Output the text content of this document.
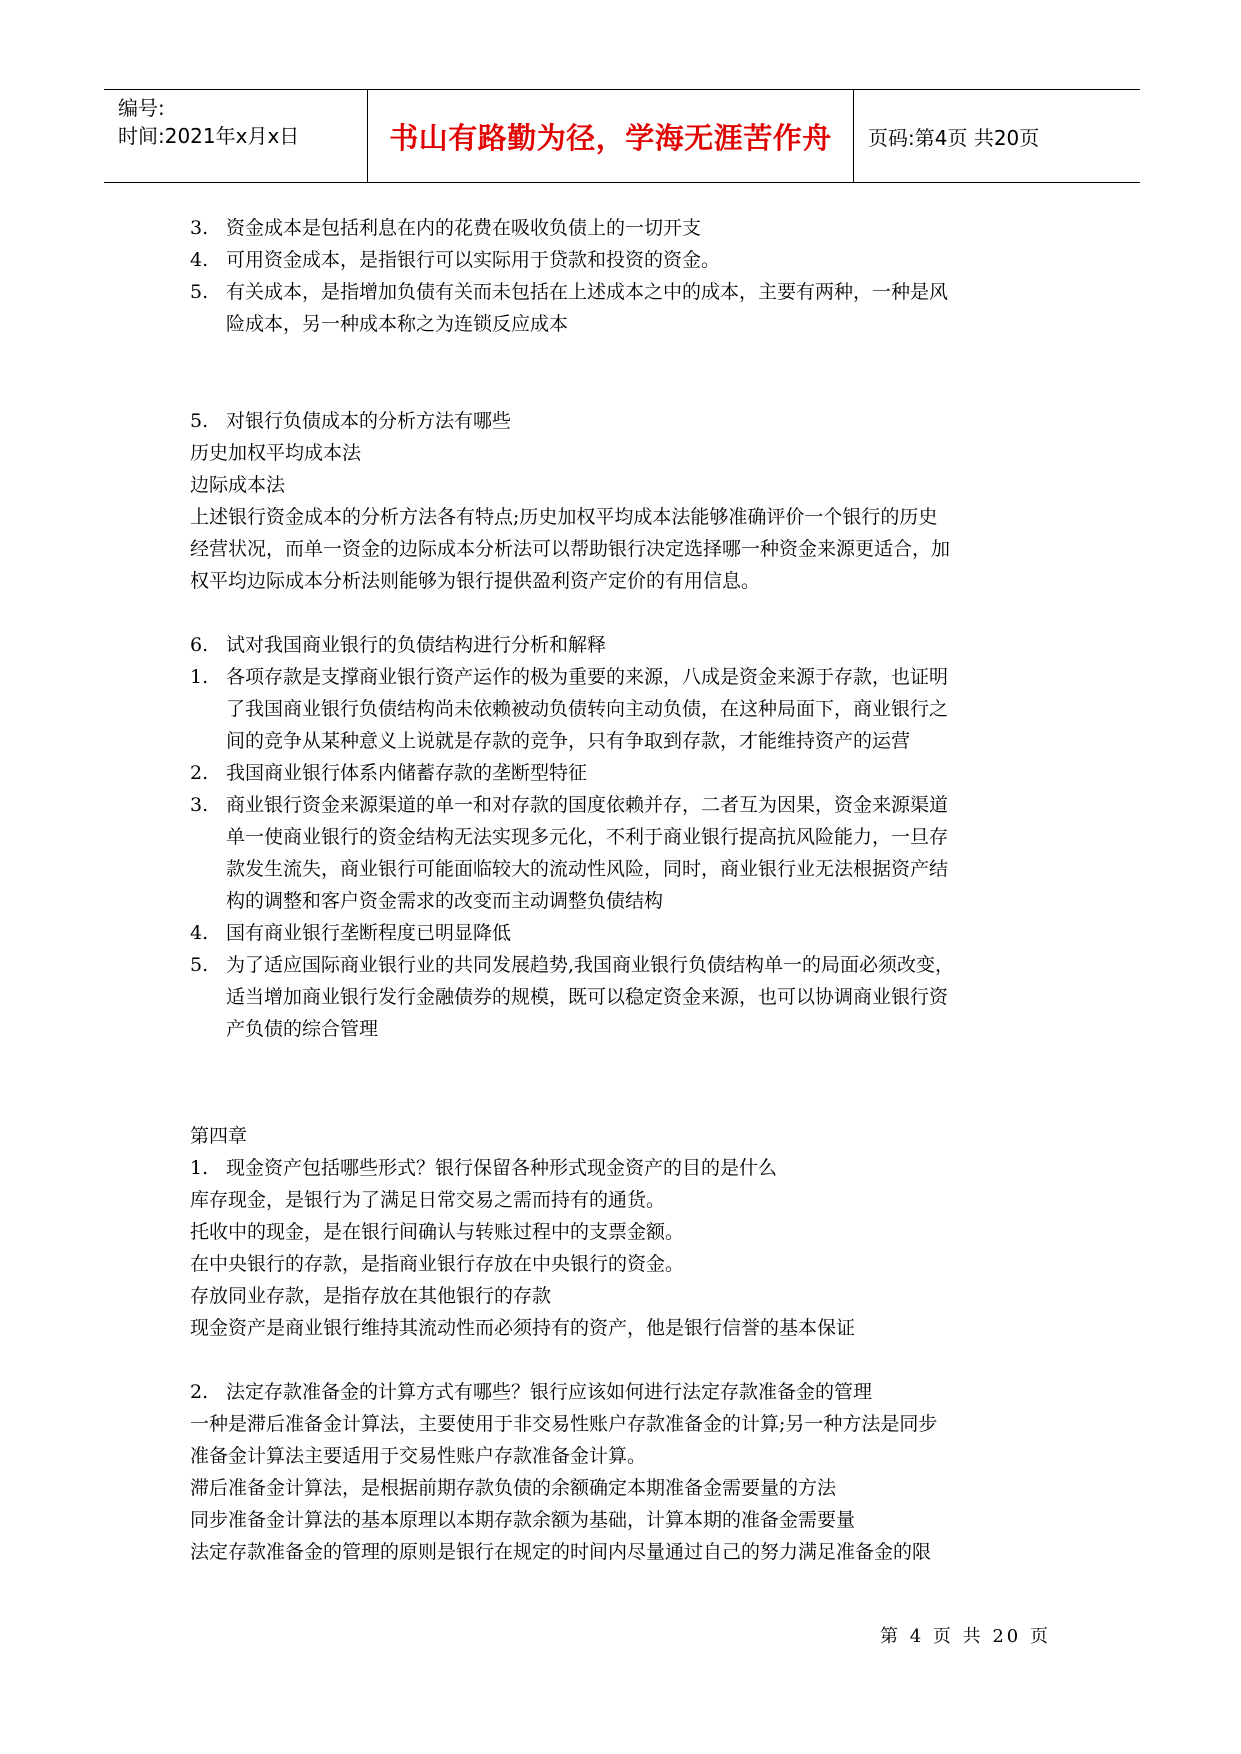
编号:
时间:2021年x月x日	书山有路勤为径，学海无涯苦作舟	页码:第4页 共20页
3. 资金成本是包括利息在内的花费在吸收负债上的一切开支
4. 可用资金成本，是指银行可以实际用于贷款和投资的资金。
5. 有关成本，是指增加负债有关而未包括在上述成本之中的成本，主要有两种，一种是风
险成本，另一种成本称之为连锁反应成本
5. 对银行负债成本的分析方法有哪些
历史加权平均成本法
边际成本法
上述银行资金成本的分析方法各有特点;历史加权平均成本法能够准确评价一个银行的历史
经营状况，而单一资金的边际成本分析法可以帮助银行决定选择哪一种资金来源更适合，加
权平均边际成本分析法则能够为银行提供盈利资产定价的有用信息。
6. 试对我国商业银行的负债结构进行分析和解释
1. 各项存款是支撑商业银行资产运作的极为重要的来源，八成是资金来源于存款，也证明
了我国商业银行负债结构尚未依赖被动负债转向主动负债，在这种局面下，商业银行之
间的竞争从某种意义上说就是存款的竞争，只有争取到存款，才能维持资产的运营
2. 我国商业银行体系内储蓄存款的垄断型特征
3. 商业银行资金来源渠道的单一和对存款的国度依赖并存，二者互为因果，资金来源渠道
单一使商业银行的资金结构无法实现多元化，不利于商业银行提高抗风险能力，一旦存
款发生流失，商业银行可能面临较大的流动性风险，同时，商业银行业无法根据资产结
构的调整和客户资金需求的改变而主动调整负债结构
4. 国有商业银行垄断程度已明显降低
5. 为了适应国际商业银行业的共同发展趋势,我国商业银行负债结构单一的局面必须改变，
适当增加商业银行发行金融债券的规模，既可以稳定资金来源，也可以协调商业银行资
产负债的综合管理
第四章
1. 现金资产包括哪些形式？银行保留各种形式现金资产的目的是什么
库存现金，是银行为了满足日常交易之需而持有的通货。
托收中的现金，是在银行间确认与转账过程中的支票金额。
在中央银行的存款，是指商业银行存放在中央银行的资金。
存放同业存款，是指存放在其他银行的存款
现金资产是商业银行维持其流动性而必须持有的资产，他是银行信誉的基本保证
2. 法定存款准备金的计算方式有哪些？银行应该如何进行法定存款准备金的管理
一种是滞后准备金计算法，主要使用于非交易性账户存款准备金的计算;另一种方法是同步
准备金计算法主要适用于交易性账户存款准备金计算。
滞后准备金计算法，是根据前期存款负债的余额确定本期准备金需要量的方法
同步准备金计算法的基本原理以本期存款余额为基础，计算本期的准备金需要量
法定存款准备金的管理的原则是银行在规定的时间内尽量通过自己的努力满足准备金的限
第 4 页 共 20 页
